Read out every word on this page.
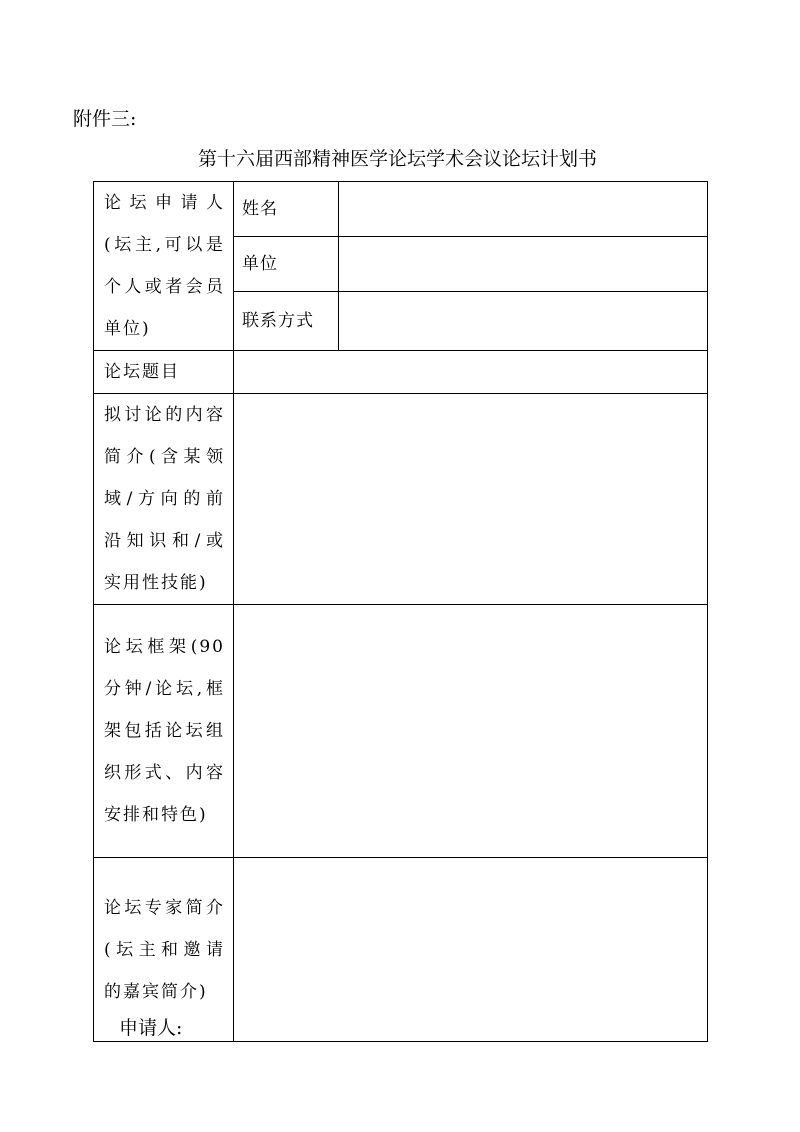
附件三:
第十六届西部精神医学论坛学术会议论坛计划书
论坛申请人(坛主,可以是个人或者会员单位)	姓名	
	单位	
	联系方式	

论坛题目		

拟讨论的内容简介(含某领域/方向的前沿知识和/或实用性技能)		

论坛框架(90分钟/论坛,框架包括论坛组织形式、内容安排和特色)		

论坛专家简介(坛主和邀请的嘉宾简介)		

申请人:
